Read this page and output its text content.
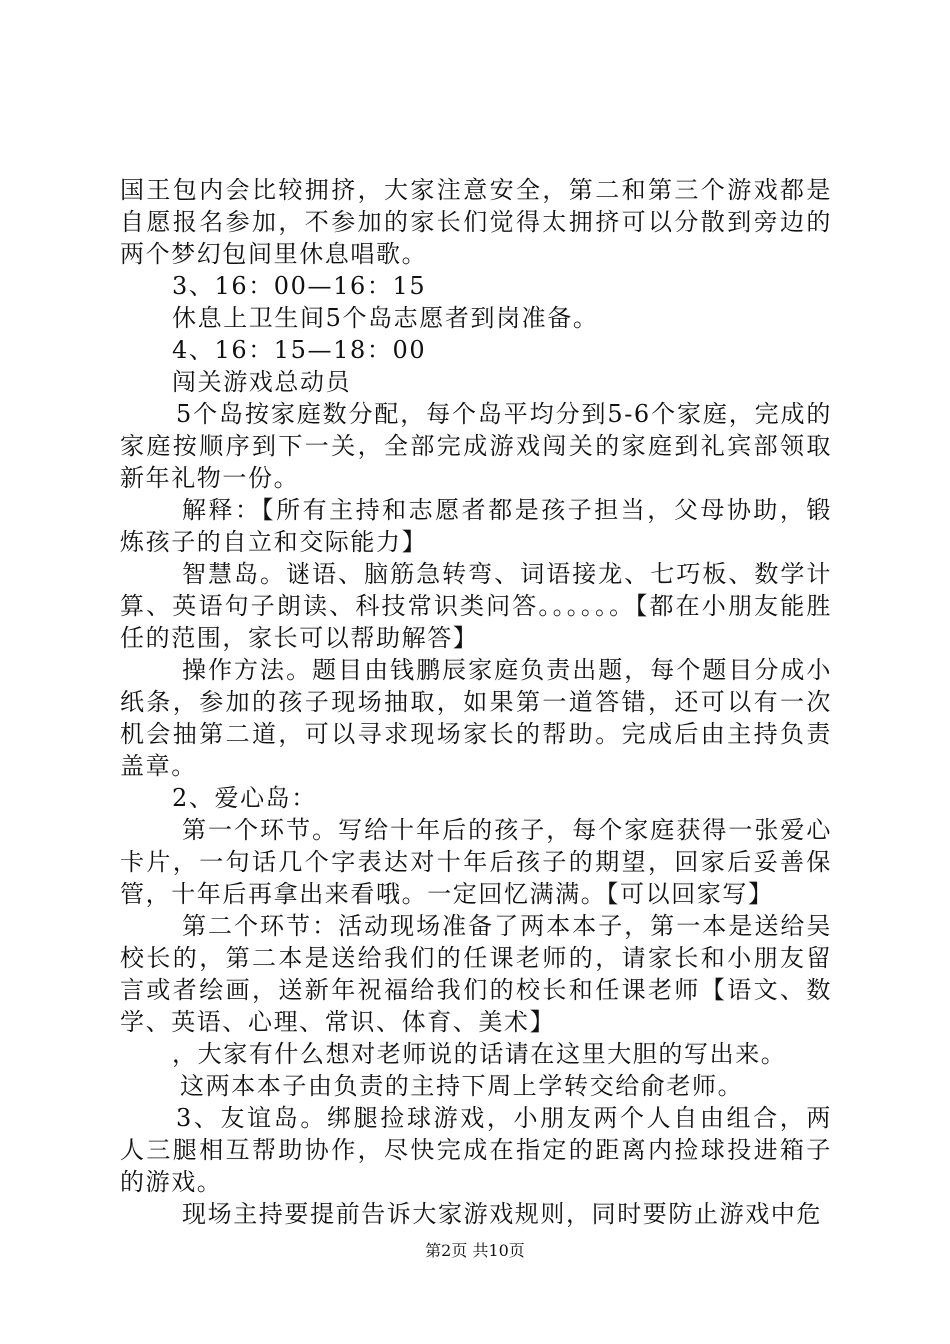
国王包内会比较拥挤，大家注意安全，第二和第三个游戏都是自愿报名参加，不参加的家长们觉得太拥挤可以分散到旁边的两个梦幻包间里休息唱歌。

3、16：00—16：15

休息上卫生间5个岛志愿者到岗准备。

4、16：15—18：00

闯关游戏总动员

5个岛按家庭数分配，每个岛平均分到5-6个家庭，完成的家庭按顺序到下一关，全部完成游戏闯关的家庭到礼宾部领取新年礼物一份。

解释：【所有主持和志愿者都是孩子担当，父母协助，锻炼孩子的自立和交际能力】

智慧岛。谜语、脑筋急转弯、词语接龙、七巧板、数学计算、英语句子朗读、科技常识类问答。。。。。。【都在小朋友能胜任的范围，家长可以帮助解答】

操作方法。题目由钱鹏辰家庭负责出题，每个题目分成小纸条，参加的孩子现场抽取，如果第一道答错，还可以有一次机会抽第二道，可以寻求现场家长的帮助。完成后由主持负责盖章。

2、爱心岛：

第一个环节。写给十年后的孩子，每个家庭获得一张爱心卡片，一句话几个字表达对十年后孩子的期望，回家后妥善保管，十年后再拿出来看哦。一定回忆满满。【可以回家写】

第二个环节：活动现场准备了两本本子，第一本是送给吴校长的，第二本是送给我们的任课老师的，请家长和小朋友留言或者绘画，送新年祝福给我们的校长和任课老师【语文、数学、英语、心理、常识、体育、美术】

，大家有什么想对老师说的话请在这里大胆的写出来。

这两本本子由负责的主持下周上学转交给俞老师。

3、友谊岛。绑腿捡球游戏，小朋友两个人自由组合，两人三腿相互帮助协作，尽快完成在指定的距离内捡球投进箱子的游戏。

现场主持要提前告诉大家游戏规则，同时要防止游戏中危

第2页 共10页
